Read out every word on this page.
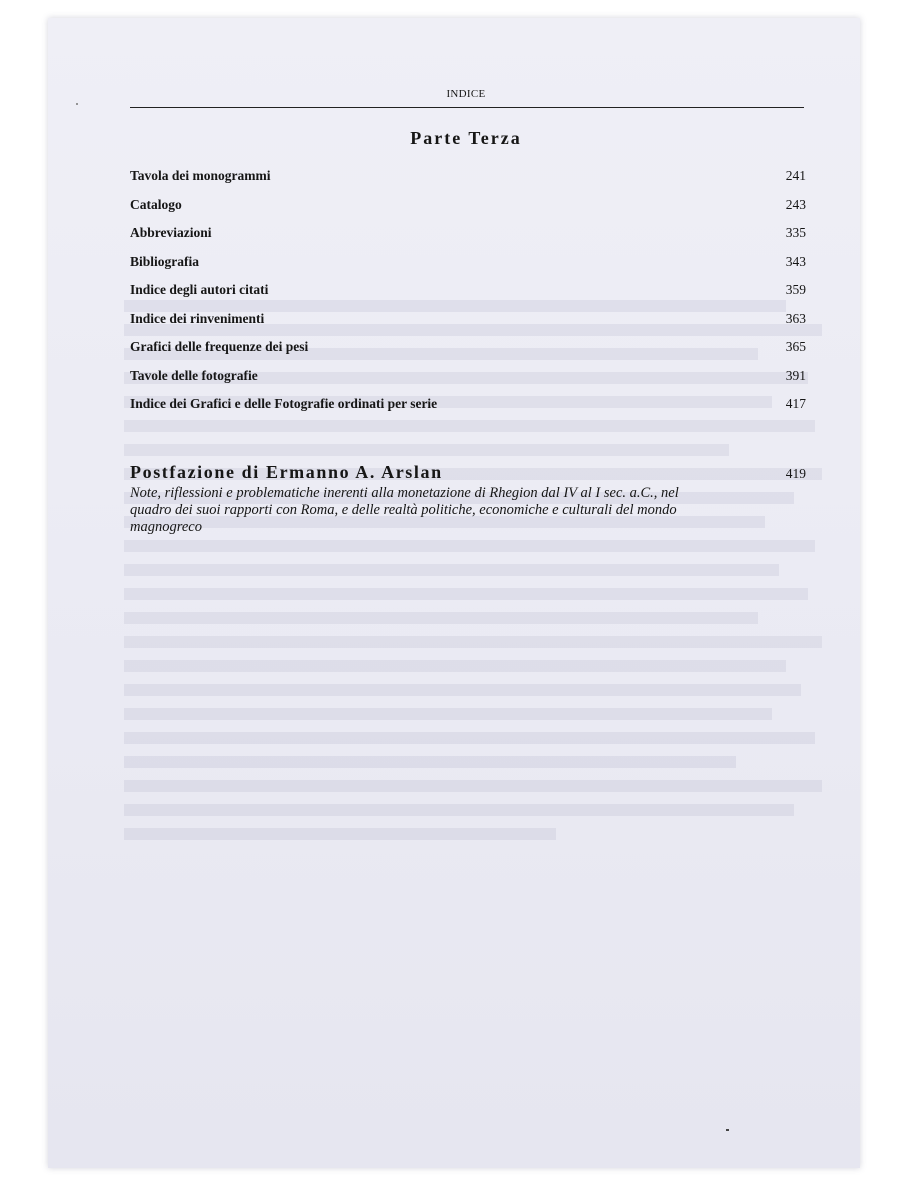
INDICE
Parte Terza
Tavola dei monogrammi	241
Catalogo	243
Abbreviazioni	335
Bibliografia	343
Indice degli autori citati	359
Indice dei rinvenimenti	363
Grafici delle frequenze dei pesi	365
Tavole delle fotografie	391
Indice dei Grafici e delle Fotografie ordinati per serie	417
Postfazione di Ermanno A. Arslan	419
Note, riflessioni e problematiche inerenti alla monetazione di Rhegion dal IV al I sec. a.C., nel quadro dei suoi rapporti con Roma, e delle realtà politiche, economiche e culturali del mondo magnogreco
